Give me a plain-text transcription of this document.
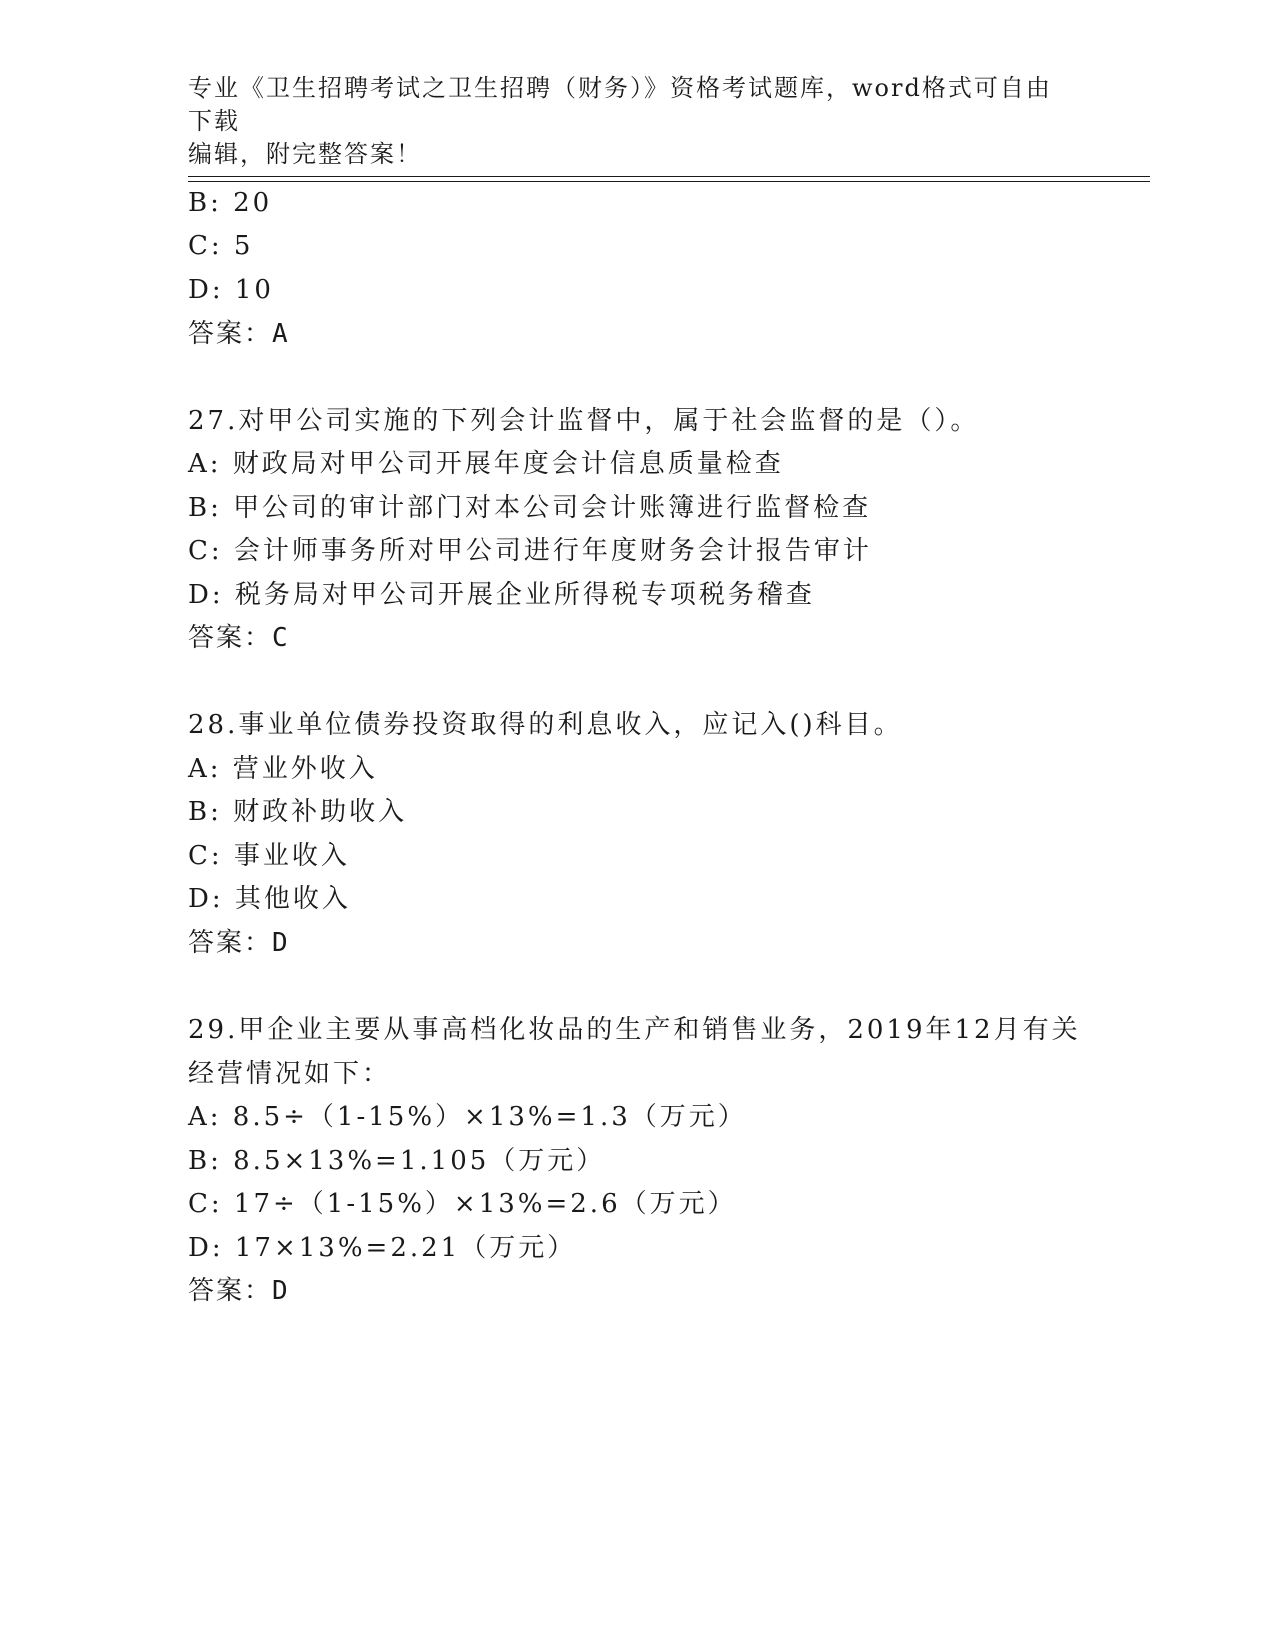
专业《卫生招聘考试之卫生招聘（财务）》资格考试题库，word格式可自由下载
编辑，附完整答案！
B: 20
C: 5
D: 10
答案：A
27.对甲公司实施的下列会计监督中，属于社会监督的是（）。
A: 财政局对甲公司开展年度会计信息质量检查
B: 甲公司的审计部门对本公司会计账簿进行监督检查
C: 会计师事务所对甲公司进行年度财务会计报告审计
D: 税务局对甲公司开展企业所得税专项税务稽查
答案：C
28.事业单位债券投资取得的利息收入，应记入()科目。
A: 营业外收入
B: 财政补助收入
C: 事业收入
D: 其他收入
答案：D
29.甲企业主要从事高档化妆品的生产和销售业务，2019年12月有关
经营情况如下：
A: 8.5÷（1-15%）×13%=1.3（万元）
B: 8.5×13%=1.105（万元）
C: 17÷（1-15%）×13%=2.6（万元）
D: 17×13%=2.21（万元）
答案：D
